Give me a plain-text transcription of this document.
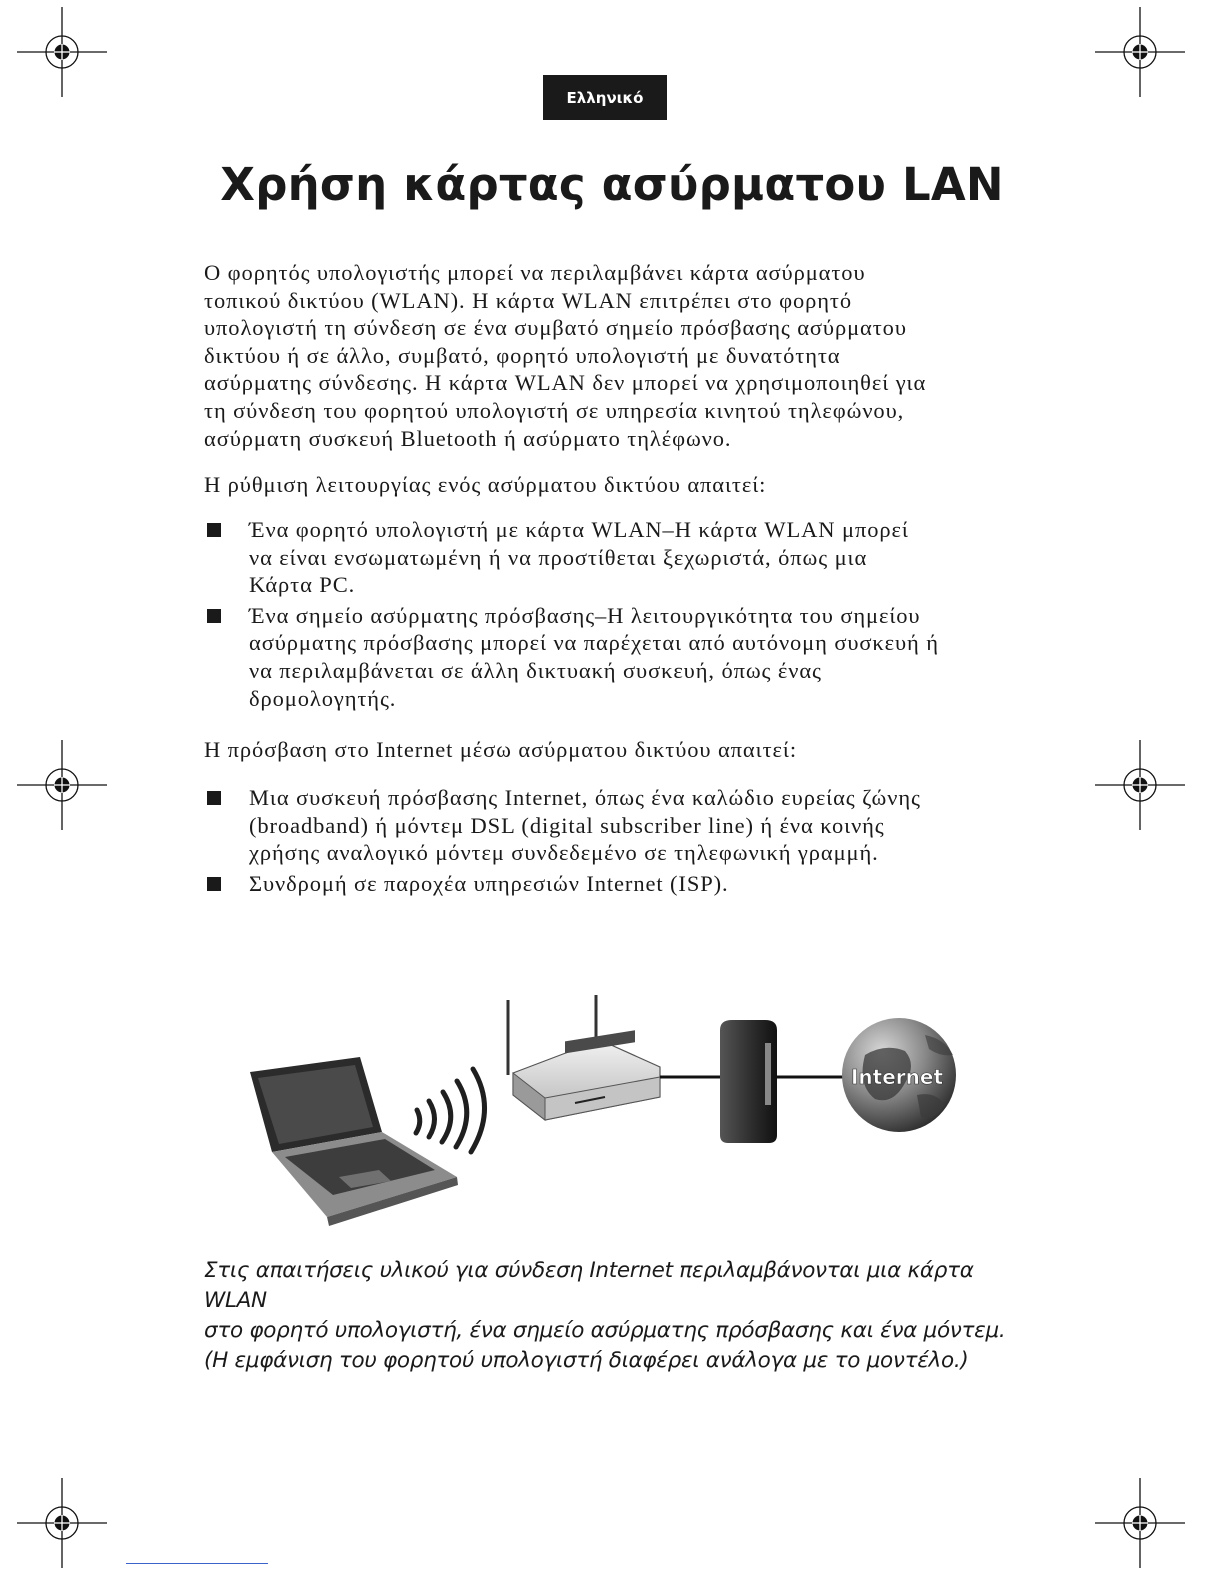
Ελληνικό
Χρήση κάρτας ασύρματου LAN

Ο φορητός υπολογιστής μπορεί να περιλαμβάνει κάρτα ασύρματου
τοπικού δικτύου (WLAN). Η κάρτα WLAN επιτρέπει στο φορητό
υπολογιστή τη σύνδεση σε ένα συμβατό σημείο πρόσβασης ασύρματου
δικτύου ή σε άλλο, συμβατό, φορητό υπολογιστή με δυνατότητα
ασύρματης σύνδεσης. Η κάρτα WLAN δεν μπορεί να χρησιμοποιηθεί για
τη σύνδεση του φορητού υπολογιστή σε υπηρεσία κινητού τηλεφώνου,
ασύρματη συσκευή Bluetooth ή ασύρματο τηλέφωνο.

Η ρύθμιση λειτουργίας ενός ασύρματου δικτύου απαιτεί:

Ένα φορητό υπολογιστή με κάρτα WLAN–Η κάρτα WLAN μπορεί
να είναι ενσωματωμένη ή να προστίθεται ξεχωριστά, όπως μια
Κάρτα PC.
Ένα σημείο ασύρματης πρόσβασης–Η λειτουργικότητα του σημείου
ασύρματης πρόσβασης μπορεί να παρέχεται από αυτόνομη συσκευή ή
να περιλαμβάνεται σε άλλη δικτυακή συσκευή, όπως ένας
δρομολογητής.

Η πρόσβαση στο Internet μέσω ασύρματου δικτύου απαιτεί:

Μια συσκευή πρόσβασης Internet, όπως ένα καλώδιο ευρείας ζώνης
(broadband) ή μόντεμ DSL (digital subscriber line) ή ένα κοινής
χρήσης αναλογικό μόντεμ συνδεδεμένο σε τηλεφωνική γραμμή.
Συνδρομή σε παροχέα υπηρεσιών Internet (ISP).
Internet

Στις απαιτήσεις υλικού για σύνδεση Internet περιλαμβάνονται μια κάρτα WLAN
στο φορητό υπολογιστή, ένα σημείο ασύρματης πρόσβασης και ένα μόντεμ.
(Η εμφάνιση του φορητού υπολογιστή διαφέρει ανάλογα με το μοντέλο.)
